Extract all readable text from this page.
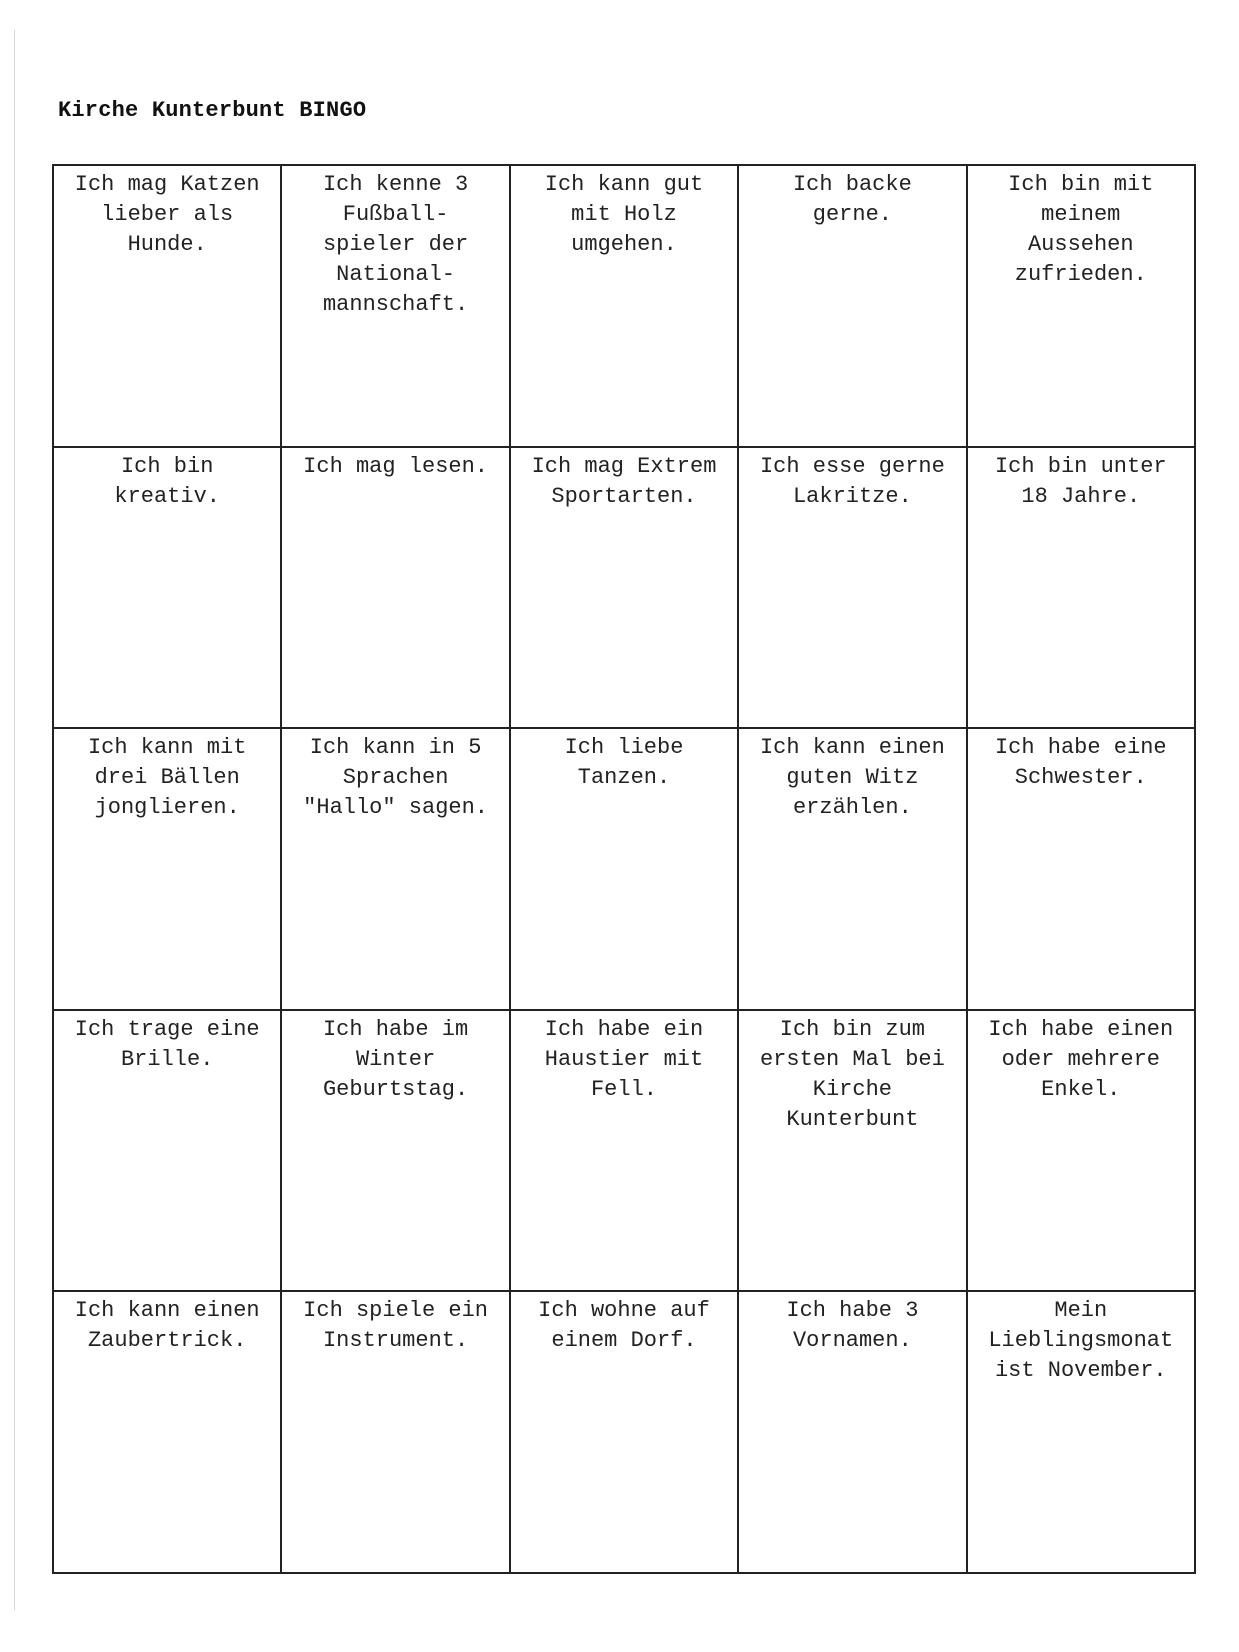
Kirche Kunterbunt BINGO
Ich mag Katzen
lieber als
Hunde.
Ich kenne 3
Fußball-
spieler der
National-
mannschaft.
Ich kann gut
mit Holz
umgehen.
Ich backe
gerne.
Ich bin mit
meinem
Aussehen
zufrieden.
Ich bin
kreativ.
Ich mag lesen.	Ich mag Extrem
Sportarten.
Ich esse gerne
Lakritze.
Ich bin unter
18 Jahre.
Ich kann mit
drei Bällen
jonglieren.
Ich kann in 5
Sprachen
"Hallo" sagen.
Ich liebe
Tanzen.
Ich kann einen
guten Witz
erzählen.
Ich habe eine
Schwester.
Ich trage eine
Brille.
Ich habe im
Winter
Geburtstag.
Ich habe ein
Haustier mit
Fell.
Ich bin zum
ersten Mal bei
Kirche
Kunterbunt
Ich habe einen
oder mehrere
Enkel.
Ich kann einen
Zaubertrick.
Ich spiele ein
Instrument.
Ich wohne auf
einem Dorf.
Ich habe 3
Vornamen.
Mein
Lieblingsmonat
ist November.
